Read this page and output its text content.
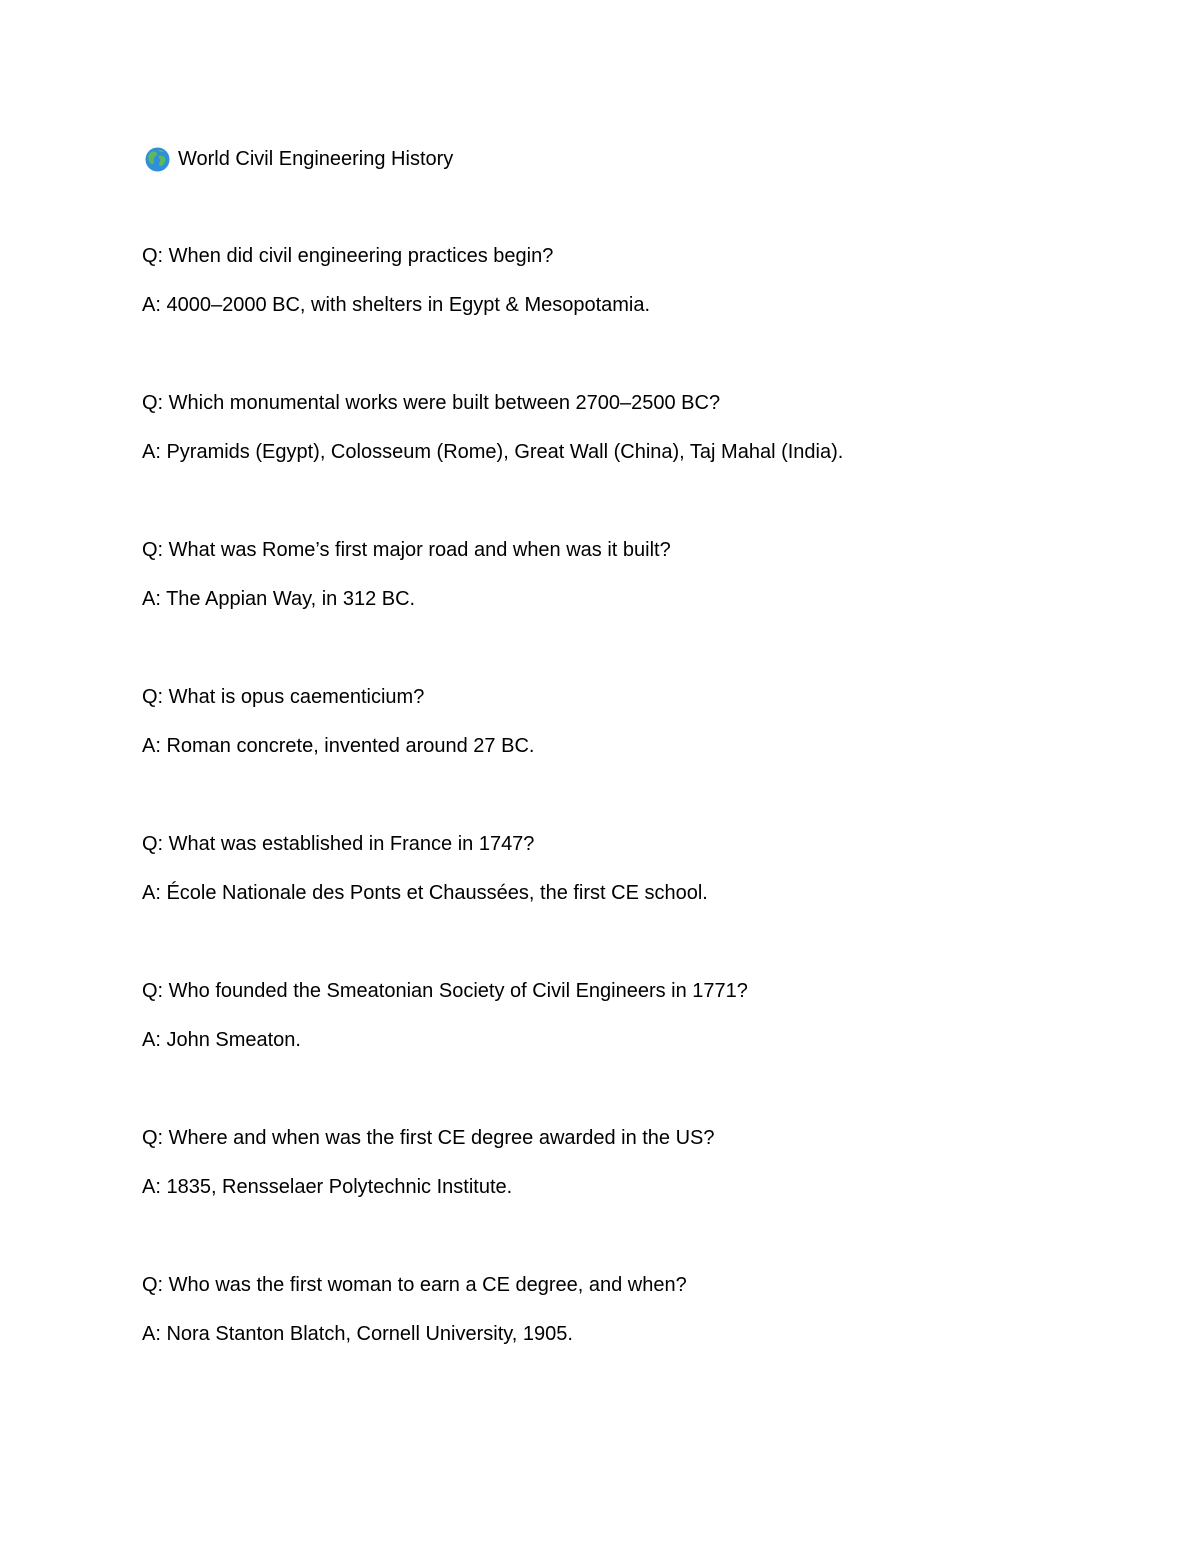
World Civil Engineering History
Q: When did civil engineering practices begin?
A: 4000–2000 BC, with shelters in Egypt & Mesopotamia.
Q: Which monumental works were built between 2700–2500 BC?
A: Pyramids (Egypt), Colosseum (Rome), Great Wall (China), Taj Mahal (India).
Q: What was Rome’s first major road and when was it built?
A: The Appian Way, in 312 BC.
Q: What is opus caementicium?
A: Roman concrete, invented around 27 BC.
Q: What was established in France in 1747?
A: École Nationale des Ponts et Chaussées, the first CE school.
Q: Who founded the Smeatonian Society of Civil Engineers in 1771?
A: John Smeaton.
Q: Where and when was the first CE degree awarded in the US?
A: 1835, Rensselaer Polytechnic Institute.
Q: Who was the first woman to earn a CE degree, and when?
A: Nora Stanton Blatch, Cornell University, 1905.
